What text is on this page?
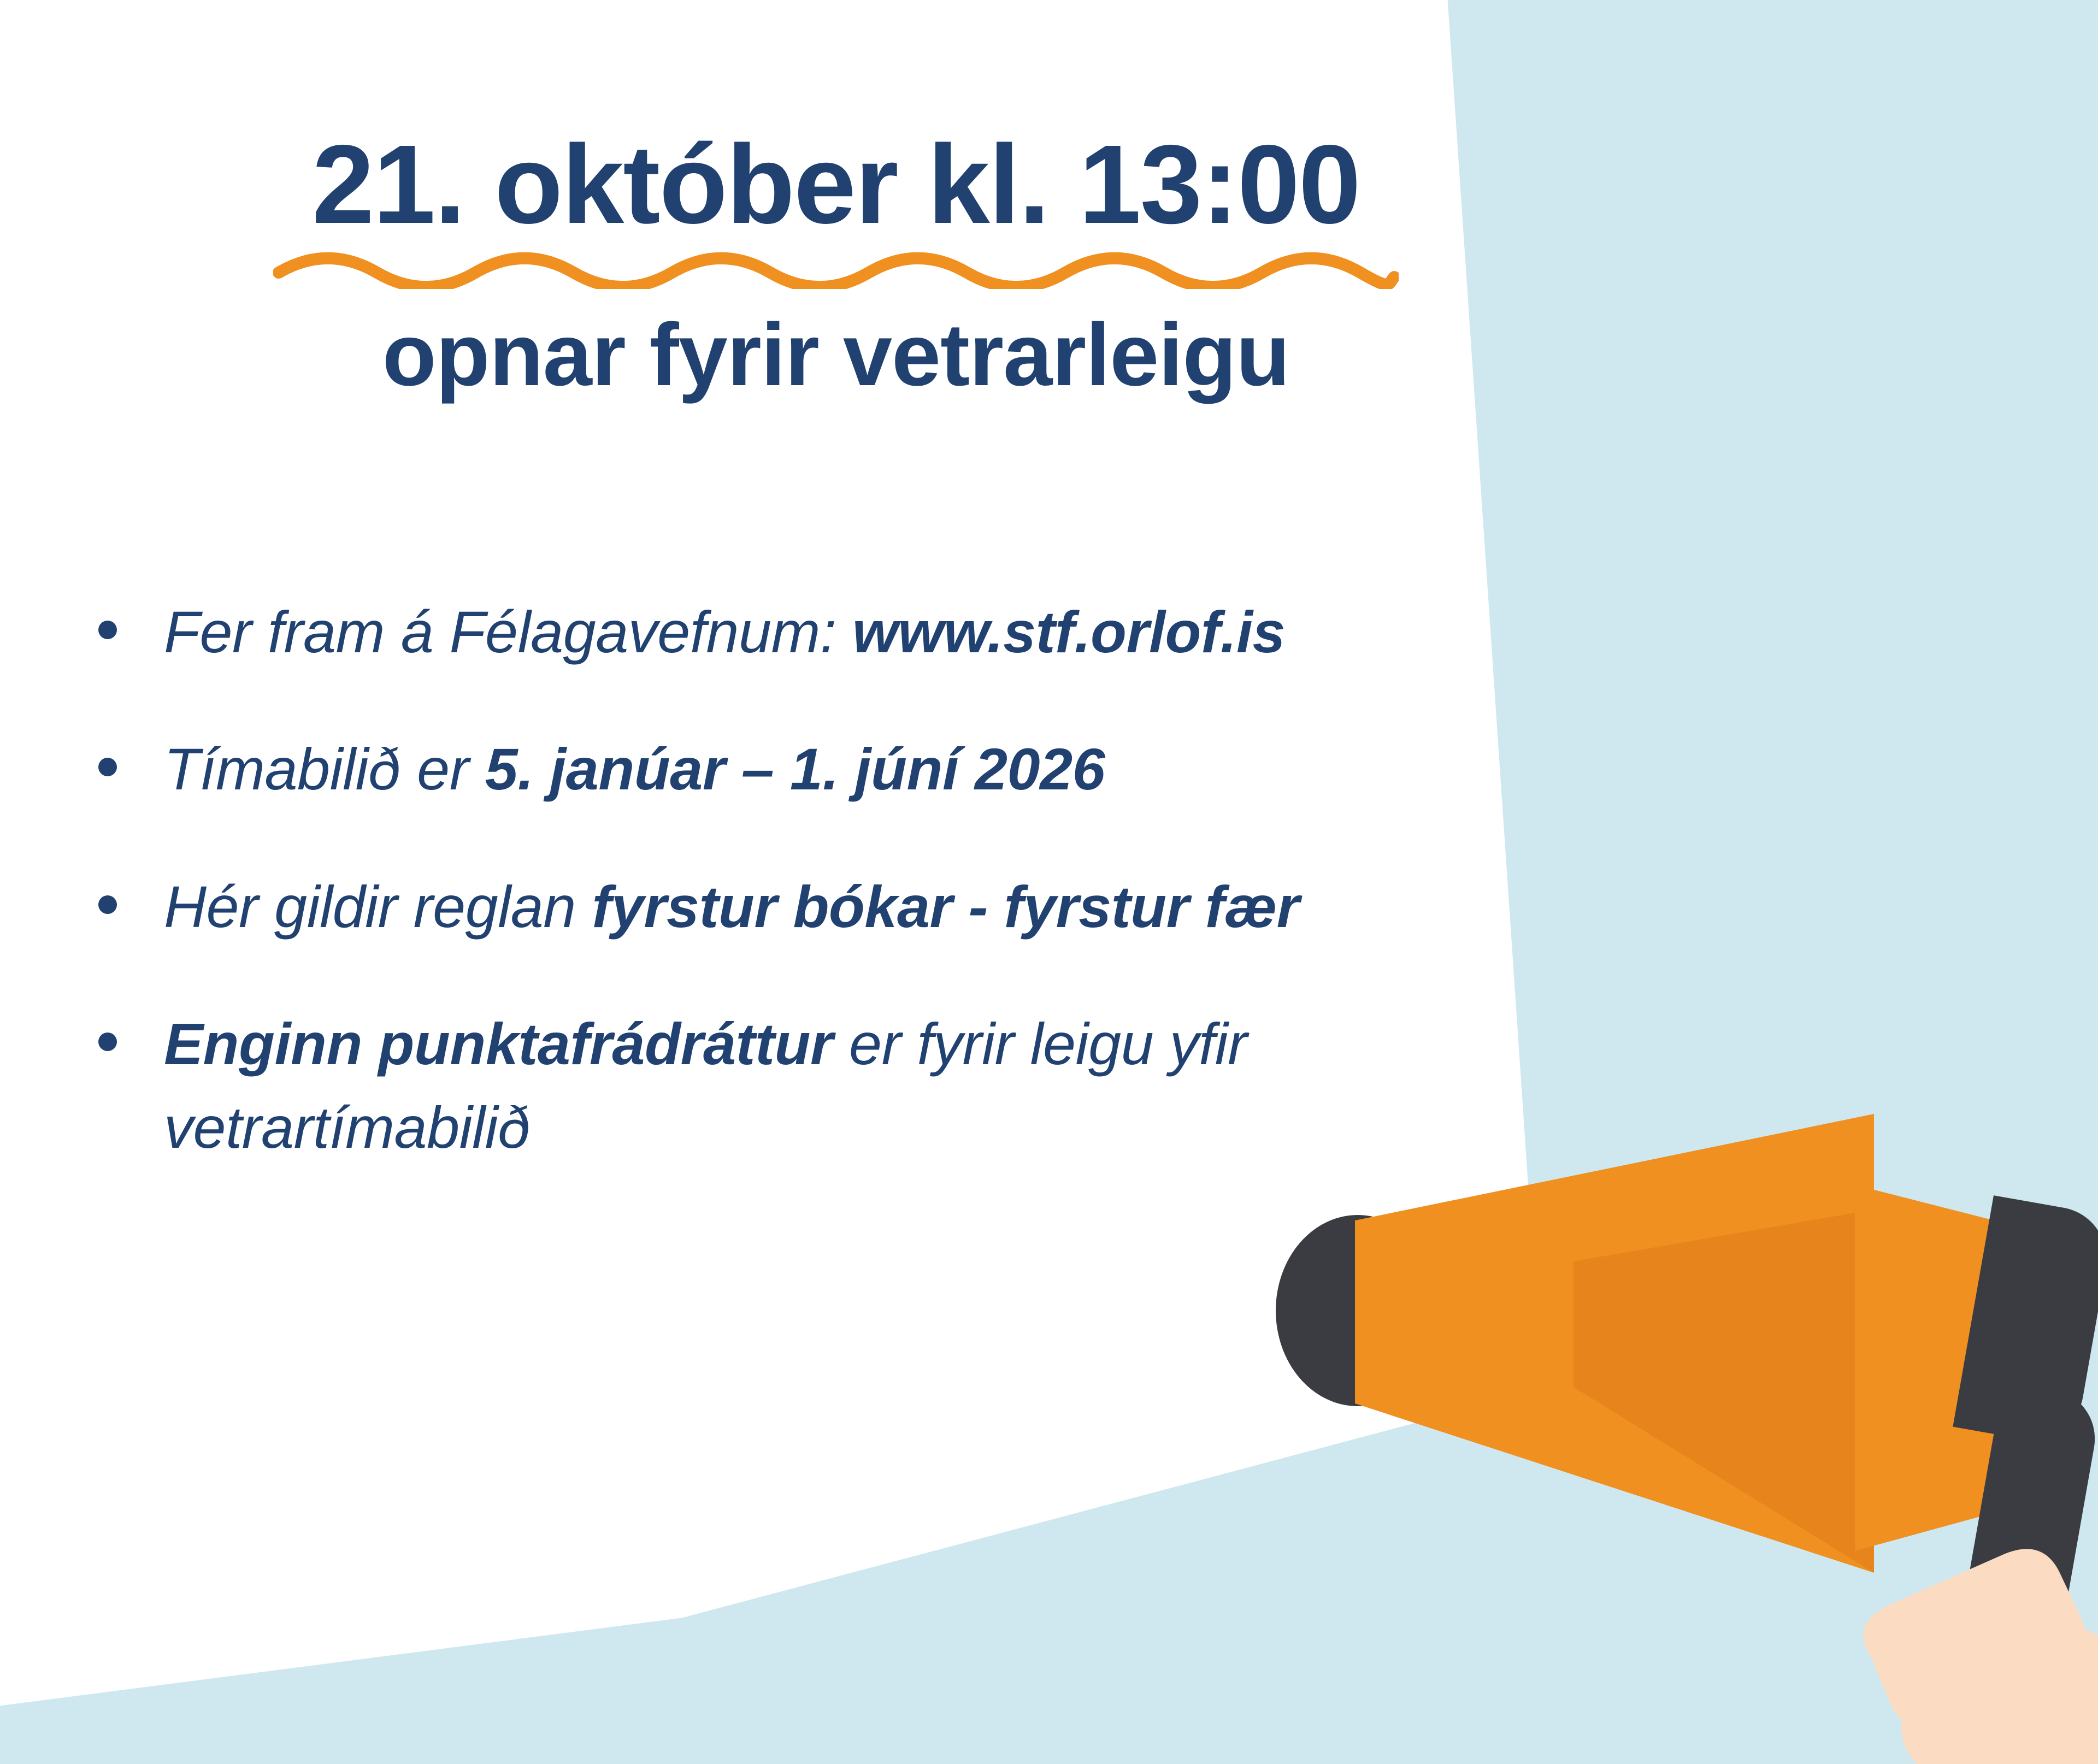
21. október kl. 13:00
opnar fyrir vetrarleigu
Fer fram á Félagavefnum: www.stf.orlof.is
Tímabilið er 5. janúar – 1. júní 2026
Hér gildir reglan fyrstur bókar - fyrstur fær
Enginn punktafrádráttur er fyrir leigu yfir vetrartímabilið
